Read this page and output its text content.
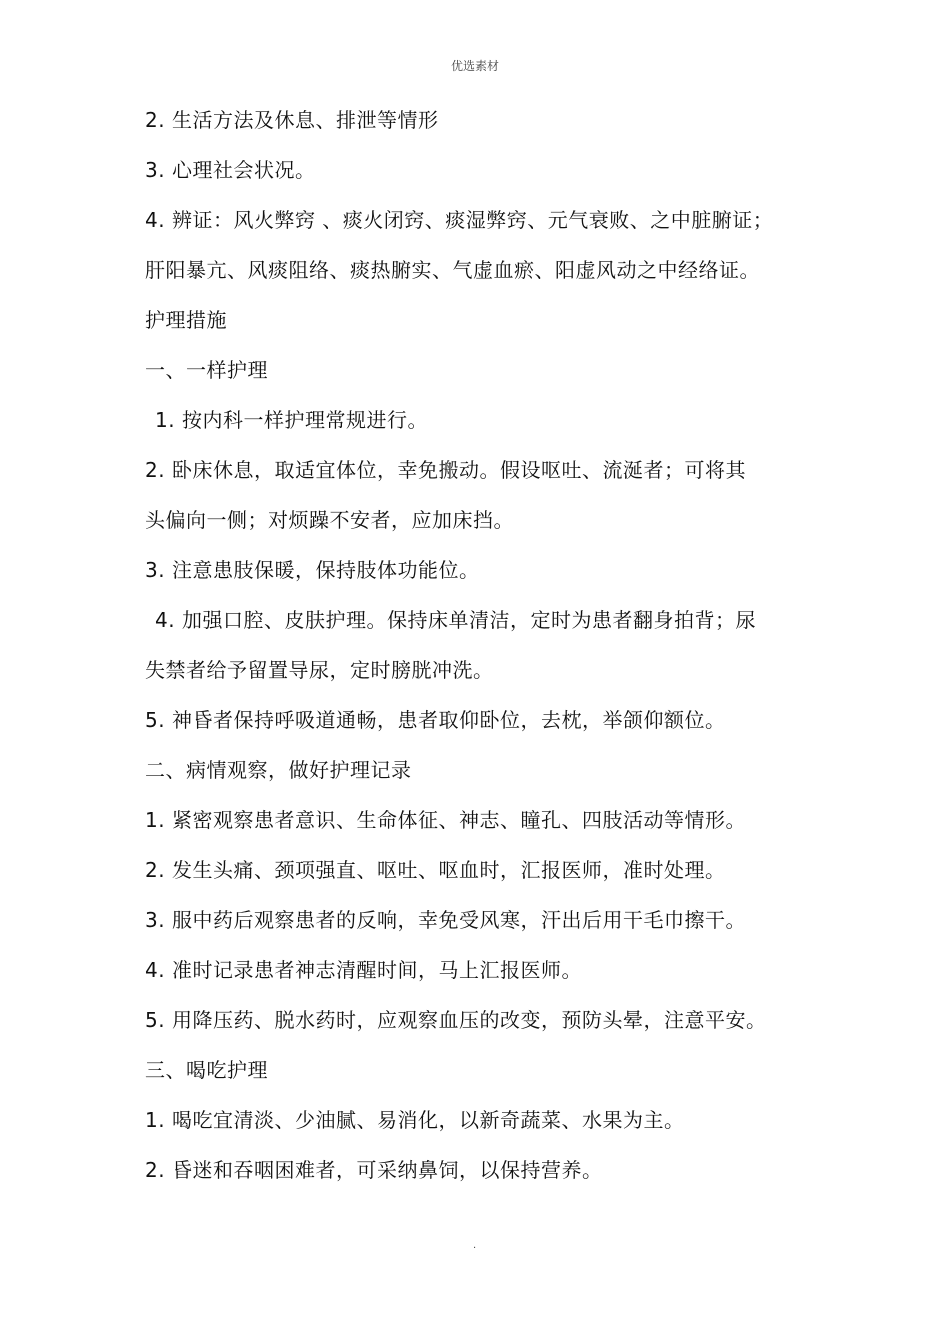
优选素材
2. 生活方法及休息、排泄等情形
3. 心理社会状况。
4. 辨证：风火弊窍 、痰火闭窍、痰湿弊窍、元气衰败、之中脏腑证；
肝阳暴亢、风痰阻络、痰热腑实、气虚血瘀、阳虚风动之中经络证。
护理措施
一、一样护理
1. 按内科一样护理常规进行。
2. 卧床休息，取适宜体位，幸免搬动。假设呕吐、流涎者；可将其
头偏向一侧；对烦躁不安者，应加床挡。
3. 注意患肢保暖，保持肢体功能位。
4. 加强口腔、皮肤护理。保持床单清洁，定时为患者翻身拍背；尿
失禁者给予留置导尿，定时膀胱冲洗。
5. 神昏者保持呼吸道通畅，患者取仰卧位，去枕，举颌仰额位。
二、病情观察，做好护理记录
1. 紧密观察患者意识、生命体征、神志、瞳孔、四肢活动等情形。
2. 发生头痛、颈项强直、呕吐、呕血时，汇报医师，准时处理。
3. 服中药后观察患者的反响，幸免受风寒，汗出后用干毛巾擦干。
4. 准时记录患者神志清醒时间，马上汇报医师。
5. 用降压药、脱水药时，应观察血压的改变，预防头晕，注意平安。
三、喝吃护理
1. 喝吃宜清淡、少油腻、易消化，以新奇蔬菜、水果为主。
2. 昏迷和吞咽困难者，可采纳鼻饲，以保持营养。
.
